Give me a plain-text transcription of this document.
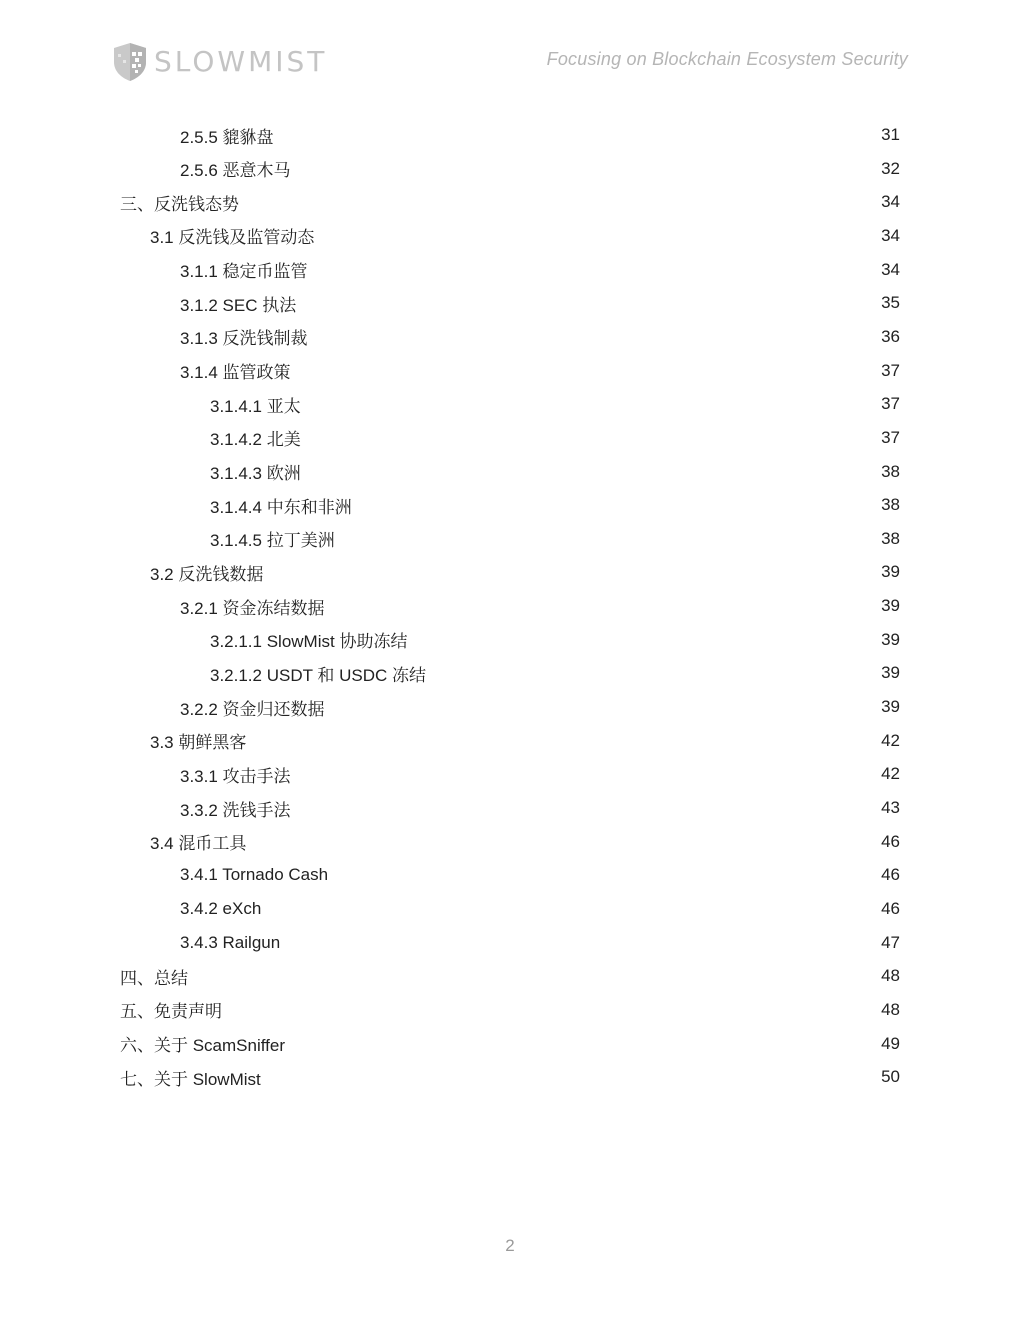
SLOWMIST	Focusing on Blockchain Ecosystem Security
2.5.5 貔貅盘	31
2.5.6 恶意木马	32
三、反洗钱态势	34
3.1 反洗钱及监管动态	34
3.1.1 稳定币监管	34
3.1.2 SEC 执法	35
3.1.3 反洗钱制裁	36
3.1.4 监管政策	37
3.1.4.1 亚太	37
3.1.4.2 北美	37
3.1.4.3 欧洲	38
3.1.4.4 中东和非洲	38
3.1.4.5 拉丁美洲	38
3.2 反洗钱数据	39
3.2.1 资金冻结数据	39
3.2.1.1 SlowMist 协助冻结	39
3.2.1.2 USDT 和 USDC 冻结	39
3.2.2 资金归还数据	39
3.3 朝鲜黑客	42
3.3.1 攻击手法	42
3.3.2 洗钱手法	43
3.4 混币工具	46
3.4.1 Tornado Cash	46
3.4.2 eXch	46
3.4.3 Railgun	47
四、总结	48
五、免责声明	48
六、关于 ScamSniffer	49
七、关于 SlowMist	50
2
